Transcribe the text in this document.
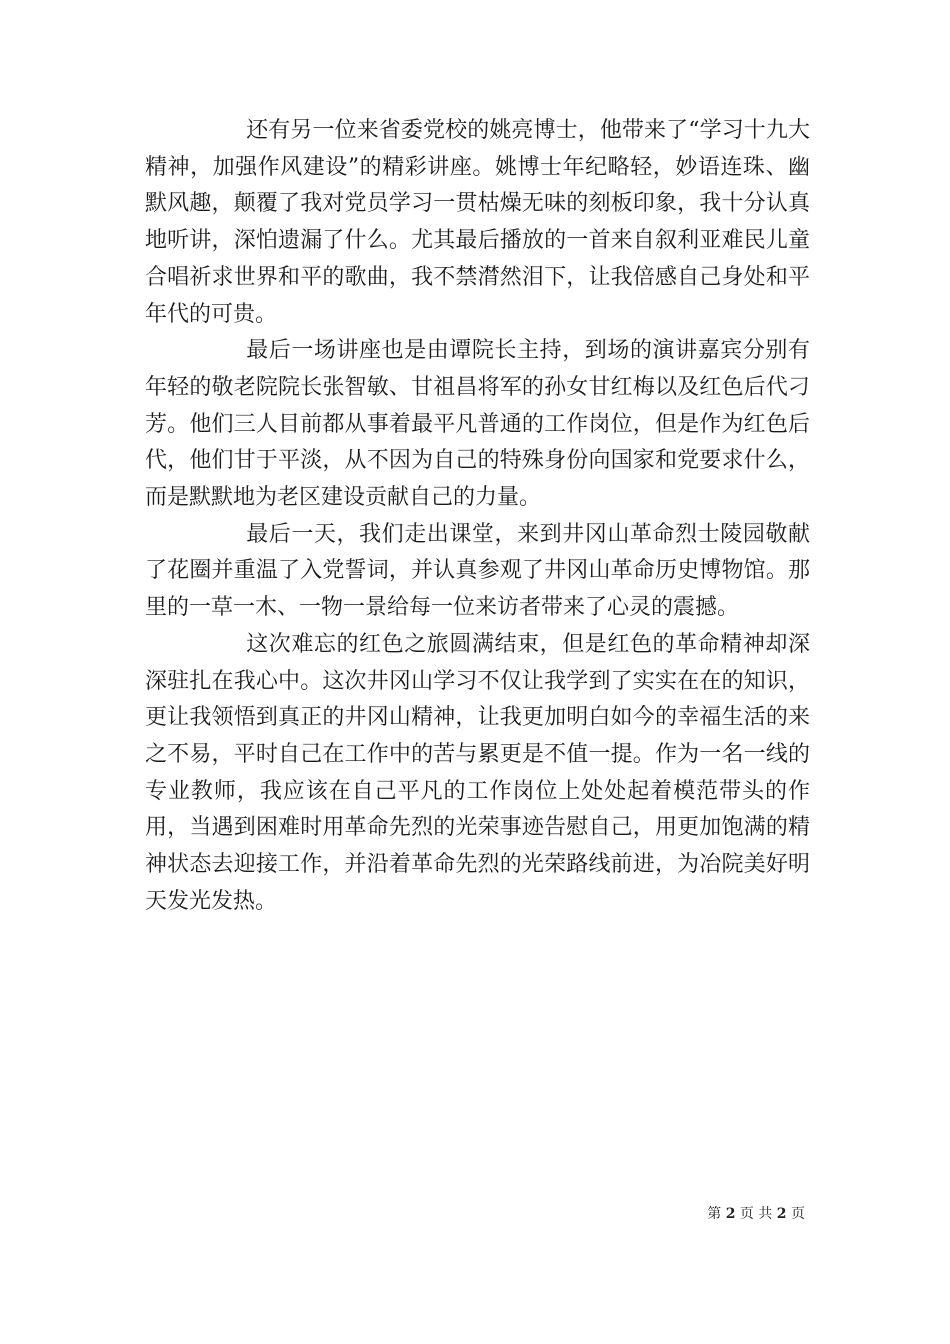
还有另一位来省委党校的姚亮博士，他带来了“学习十九大精神，加强作风建设”的精彩讲座。姚博士年纪略轻，妙语连珠、幽默风趣，颠覆了我对党员学习一贯枯燥无味的刻板印象，我十分认真地听讲，深怕遗漏了什么。尤其最后播放的一首来自叙利亚难民儿童合唱祈求世界和平的歌曲，我不禁潸然泪下，让我倍感自己身处和平年代的可贵。

最后一场讲座也是由谭院长主持，到场的演讲嘉宾分别有年轻的敬老院院长张智敏、甘祖昌将军的孙女甘红梅以及红色后代刁芳。他们三人目前都从事着最平凡普通的工作岗位，但是作为红色后代，他们甘于平淡，从不因为自己的特殊身份向国家和党要求什么，而是默默地为老区建设贡献自己的力量。

最后一天，我们走出课堂，来到井冈山革命烈士陵园敬献了花圈并重温了入党誓词，并认真参观了井冈山革命历史博物馆。那里的一草一木、一物一景给每一位来访者带来了心灵的震撼。

这次难忘的红色之旅圆满结束，但是红色的革命精神却深深驻扎在我心中。这次井冈山学习不仅让我学到了实实在在的知识，更让我领悟到真正的井冈山精神，让我更加明白如今的幸福生活的来之不易，平时自己在工作中的苦与累更是不值一提。作为一名一线的专业教师，我应该在自己平凡的工作岗位上处处起着模范带头的作用，当遇到困难时用革命先烈的光荣事迹告慰自己，用更加饱满的精神状态去迎接工作，并沿着革命先烈的光荣路线前进，为冶院美好明天发光发热。

第 2 页 共 2 页
